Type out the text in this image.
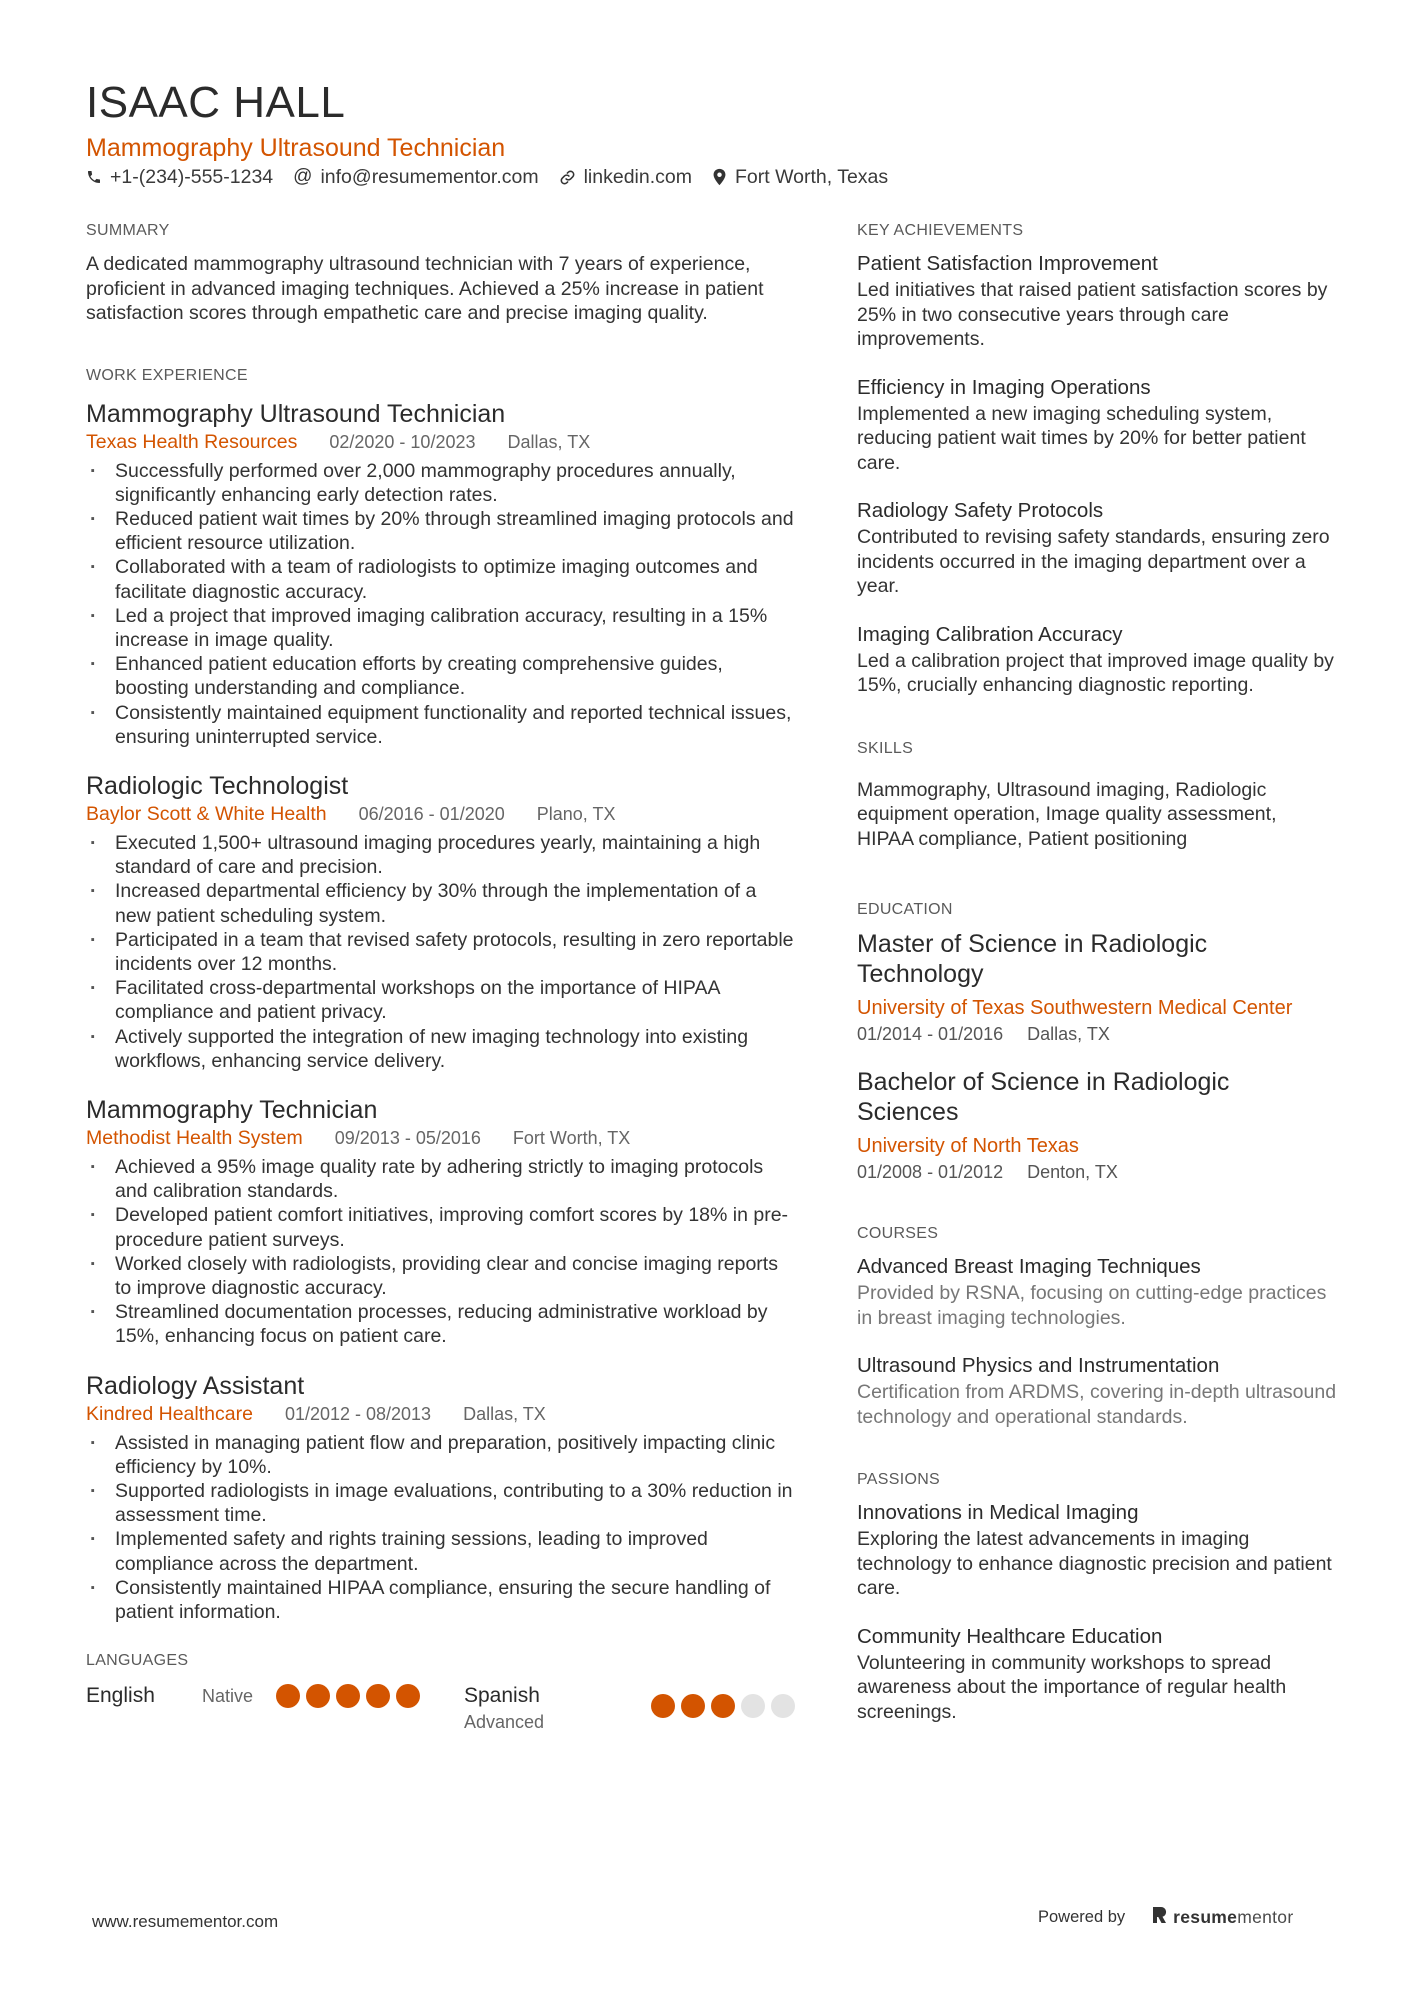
ISAAC HALL
Mammography Ultrasound Technician
+1-(234)-555-1234 @ info@resumementor.com linkedin.com Fort Worth, Texas
SUMMARY

A dedicated mammography ultrasound technician with 7 years of experience, proficient in advanced imaging techniques. Achieved a 25% increase in patient satisfaction scores through empathetic care and precise imaging quality.

WORK EXPERIENCE
Mammography Ultrasound Technician
Texas Health Resources 02/2020 - 10/2023 Dallas, TX
· Successfully performed over 2,000 mammography procedures annually, significantly enhancing early detection rates.
· Reduced patient wait times by 20% through streamlined imaging protocols and efficient resource utilization.
· Collaborated with a team of radiologists to optimize imaging outcomes and facilitate diagnostic accuracy.
· Led a project that improved imaging calibration accuracy, resulting in a 15% increase in image quality.
· Enhanced patient education efforts by creating comprehensive guides, boosting understanding and compliance.
· Consistently maintained equipment functionality and reported technical issues, ensuring uninterrupted service.
Radiologic Technologist
Baylor Scott & White Health 06/2016 - 01/2020 Plano, TX
· Executed 1,500+ ultrasound imaging procedures yearly, maintaining a high standard of care and precision.
· Increased departmental efficiency by 30% through the implementation of a new patient scheduling system.
· Participated in a team that revised safety protocols, resulting in zero reportable incidents over 12 months.
· Facilitated cross-departmental workshops on the importance of HIPAA compliance and patient privacy.
· Actively supported the integration of new imaging technology into existing workflows, enhancing service delivery.
Mammography Technician
Methodist Health System 09/2013 - 05/2016 Fort Worth, TX
· Achieved a 95% image quality rate by adhering strictly to imaging protocols and calibration standards.
· Developed patient comfort initiatives, improving comfort scores by 18% in pre-procedure patient surveys.
· Worked closely with radiologists, providing clear and concise imaging reports to improve diagnostic accuracy.
· Streamlined documentation processes, reducing administrative workload by 15%, enhancing focus on patient care.
Radiology Assistant
Kindred Healthcare 01/2012 - 08/2013 Dallas, TX
· Assisted in managing patient flow and preparation, positively impacting clinic efficiency by 10%.
· Supported radiologists in image evaluations, contributing to a 30% reduction in assessment time.
· Implemented safety and rights training sessions, leading to improved compliance across the department.
· Consistently maintained HIPAA compliance, ensuring the secure handling of patient information.
LANGUAGES
English	Native	Spanish
Advanced
KEY ACHIEVEMENTS
Patient Satisfaction Improvement
Led initiatives that raised patient satisfaction scores by 25% in two consecutive years through care improvements.
Efficiency in Imaging Operations
Implemented a new imaging scheduling system, reducing patient wait times by 20% for better patient care.
Radiology Safety Protocols
Contributed to revising safety standards, ensuring zero incidents occurred in the imaging department over a year.
Imaging Calibration Accuracy
Led a calibration project that improved image quality by 15%, crucially enhancing diagnostic reporting.
SKILLS

Mammography, Ultrasound imaging, Radiologic equipment operation, Image quality assessment, HIPAA compliance, Patient positioning

EDUCATION
Master of Science in Radiologic Technology
University of Texas Southwestern Medical Center
01/2014 - 01/2016 Dallas, TX
Bachelor of Science in Radiologic Sciences
University of North Texas
01/2008 - 01/2012 Denton, TX
COURSES
Advanced Breast Imaging Techniques
Provided by RSNA, focusing on cutting-edge practices in breast imaging technologies.
Ultrasound Physics and Instrumentation
Certification from ARDMS, covering in-depth ultrasound technology and operational standards.
PASSIONS
Innovations in Medical Imaging
Exploring the latest advancements in imaging technology to enhance diagnostic precision and patient care.
Community Healthcare Education
Volunteering in community workshops to spread awareness about the importance of regular health screenings.
www.resumementor.com	Powered by	resumementor
